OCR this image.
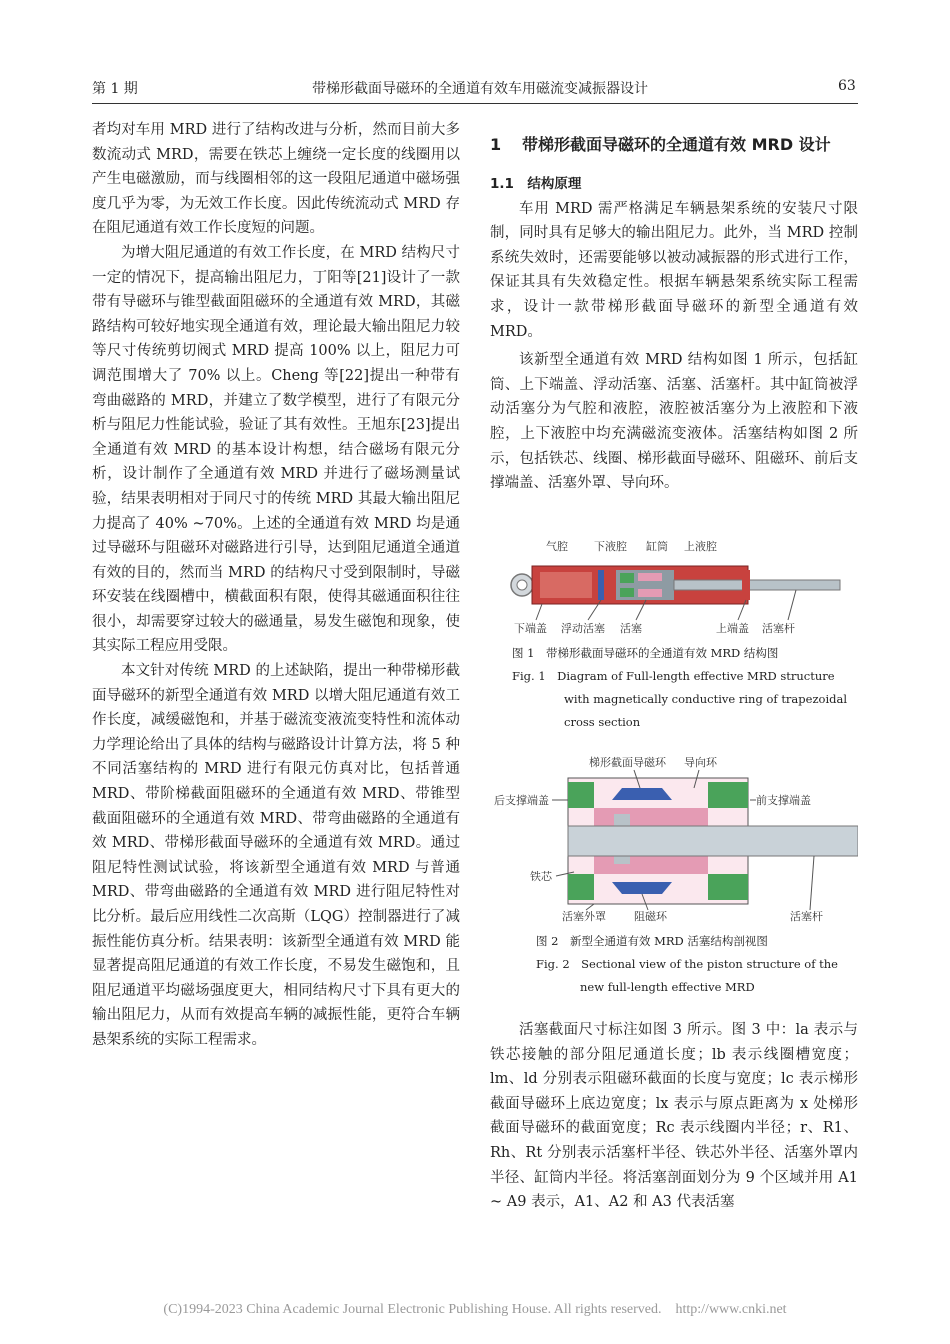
第 1 期	带梯形截面导磁环的全通道有效车用磁流变减振器设计	63

者均对车用 MRD 进行了结构改进与分析，然而目前大多数流动式 MRD，需要在铁芯上缠绕一定长度的线圈用以产生电磁激励，而与线圈相邻的这一段阻尼通道中磁场强度几乎为零，为无效工作长度。因此传统流动式 MRD 存在阻尼通道有效工作长度短的问题。

为增大阻尼通道的有效工作长度，在 MRD 结构尺寸一定的情况下，提高输出阻尼力，丁阳等[21]设计了一款带有导磁环与锥型截面阻磁环的全通道有效 MRD，其磁路结构可较好地实现全通道有效，理论最大输出阻尼力较等尺寸传统剪切阀式 MRD 提高 100% 以上，阻尼力可调范围增大了 70% 以上。Cheng 等[22]提出一种带有弯曲磁路的 MRD，并建立了数学模型，进行了有限元分析与阻尼力性能试验，验证了其有效性。王旭东[23]提出全通道有效 MRD 的基本设计构想，结合磁场有限元分析，设计制作了全通道有效 MRD 并进行了磁场测量试验，结果表明相对于同尺寸的传统 MRD 其最大输出阻尼力提高了 40% ~70%。上述的全通道有效 MRD 均是通过导磁环与阻磁环对磁路进行引导，达到阻尼通道全通道有效的目的，然而当 MRD 的结构尺寸受到限制时，导磁环安装在线圈槽中，横截面积有限，使得其磁通面积往往很小，却需要穿过较大的磁通量，易发生磁饱和现象，使其实际工程应用受限。

本文针对传统 MRD 的上述缺陷，提出一种带梯形截面导磁环的新型全通道有效 MRD 以增大阻尼通道有效工作长度，减缓磁饱和，并基于磁流变液流变特性和流体动力学理论给出了具体的结构与磁路设计计算方法，将 5 种不同活塞结构的 MRD 进行有限元仿真对比，包括普通 MRD、带阶梯截面阻磁环的全通道有效 MRD、带锥型截面阻磁环的全通道有效 MRD、带弯曲磁路的全通道有效 MRD、带梯形截面导磁环的全通道有效 MRD。通过阻尼特性测试试验，将该新型全通道有效 MRD 与普通 MRD、带弯曲磁路的全通道有效 MRD 进行阻尼特性对比分析。最后应用线性二次高斯（LQG）控制器进行了减振性能仿真分析。结果表明：该新型全通道有效 MRD 能显著提高阻尼通道的有效工作长度，不易发生磁饱和，且阻尼通道平均磁场强度更大，相同结构尺寸下具有更大的输出阻尼力，从而有效提高车辆的减振性能，更符合车辆悬架系统的实际工程需求。

1	带梯形截面导磁环的全通道有效 MRD 设计
1.1　结构原理

车用 MRD 需严格满足车辆悬架系统的安装尺寸限制，同时具有足够大的输出阻尼力。此外，当 MRD 控制系统失效时，还需要能够以被动减振器的形式进行工作，保证其具有失效稳定性。根据车辆悬架系统实际工程需求，设计一款带梯形截面导磁环的新型全通道有效 MRD。

该新型全通道有效 MRD 结构如图 1 所示，包括缸筒、上下端盖、浮动活塞、活塞、活塞杆。其中缸筒被浮动活塞分为气腔和液腔，液腔被活塞分为上液腔和下液腔，上下液腔中均充满磁流变液体。活塞结构如图 2 所示，包括铁芯、线圈、梯形截面导磁环、阻磁环、前后支撑端盖、活塞外罩、导向环。

气腔 下液腔 缸筒 上液腔
下端盖 浮动活塞 活塞	上端盖 活塞杆
图 1　带梯形截面导磁环的全通道有效 MRD 结构图
Fig. 1　Diagram of Full-length effective MRD structure
with magnetically conductive ring of trapezoidal
cross section
梯形截面导磁环 导向环
后支撑端盖	前支撑端盖
铁芯
活塞外罩	阻磁环	活塞杆
图 2　新型全通道有效 MRD 活塞结构剖视图
Fig. 2　Sectional view of the piston structure of the
new full-length effective MRD

活塞截面尺寸标注如图 3 所示。图 3 中：la 表示与铁芯接触的部分阻尼通道长度；lb 表示线圈槽宽度；lm、ld 分别表示阻磁环截面的长度与宽度；lc 表示梯形截面导磁环上底边宽度；lx 表示与原点距离为 x 处梯形截面导磁环的截面宽度；Rc 表示线圈内半径；r、R1、Rh、Rt 分别表示活塞杆半径、铁芯外半径、活塞外罩内半径、缸筒内半径。将活塞剖面划分为 9 个区域并用 A1 ~ A9 表示，A1、A2 和 A3 代表活塞

(C)1994-2023 China Academic Journal Electronic Publishing House. All rights reserved.　http://www.cnki.net
